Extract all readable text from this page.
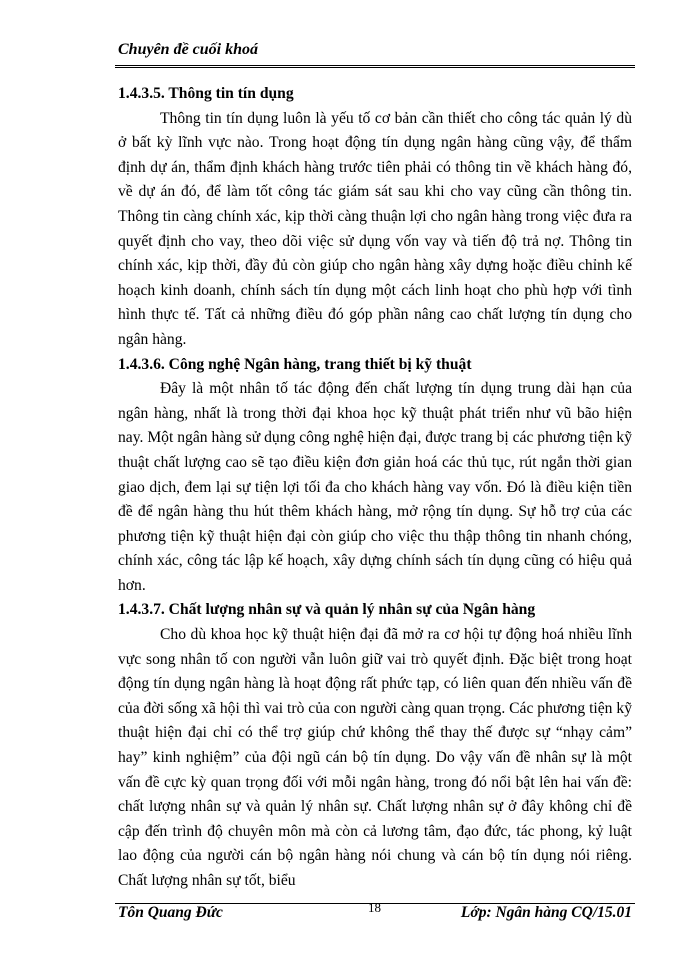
Chuyên đề cuối khoá
1.4.3.5. Thông tin tín dụng

Thông tin tín dụng luôn là yếu tố cơ bản cần thiết cho công tác quản lý dù ở bất kỳ lĩnh vực nào. Trong hoạt động tín dụng ngân hàng cũng vậy, để thẩm định dự án, thẩm định khách hàng trước tiên phải có thông tin về khách hàng đó, về dự án đó, để làm tốt công tác giám sát sau khi cho vay cũng cần thông tin. Thông tin càng chính xác, kịp thời càng thuận lợi cho ngân hàng trong việc đưa ra quyết định cho vay, theo dõi việc sử dụng vốn vay và tiến độ trả nợ. Thông tin chính xác, kịp thời, đầy đủ còn giúp cho ngân hàng xây dựng hoặc điều chỉnh kế hoạch kinh doanh, chính sách tín dụng một cách linh hoạt cho phù hợp với tình hình thực tế. Tất cả những điều đó góp phần nâng cao chất lượng tín dụng cho ngân hàng.

1.4.3.6. Công nghệ Ngân hàng, trang thiết bị kỹ thuật

Đây là một nhân tố tác động đến chất lượng tín dụng trung dài hạn của ngân hàng, nhất là trong thời đại khoa học kỹ thuật phát triển như vũ bão hiện nay. Một ngân hàng sử dụng công nghệ hiện đại, được trang bị các phương tiện kỹ thuật chất lượng cao sẽ tạo điều kiện đơn giản hoá các thủ tục, rút ngắn thời gian giao dịch, đem lại sự tiện lợi tối đa cho khách hàng vay vốn. Đó là điều kiện tiền đề để ngân hàng thu hút thêm khách hàng, mở rộng tín dụng. Sự hỗ trợ của các phương tiện kỹ thuật hiện đại còn giúp cho việc thu thập thông tin nhanh chóng, chính xác, công tác lập kế hoạch, xây dựng chính sách tín dụng cũng có hiệu quả hơn.

1.4.3.7. Chất lượng nhân sự và quản lý nhân sự của Ngân hàng

Cho dù khoa học kỹ thuật hiện đại đã mở ra cơ hội tự động hoá nhiều lĩnh vực song nhân tố con người vẫn luôn giữ vai trò quyết định. Đặc biệt trong hoạt động tín dụng ngân hàng là hoạt động rất phức tạp, có liên quan đến nhiều vấn đề của đời sống xã hội thì vai trò của con người càng quan trọng. Các phương tiện kỹ thuật hiện đại chỉ có thể trợ giúp chứ không thể thay thế được sự “nhạy cảm” hay” kinh nghiệm” của đội ngũ cán bộ tín dụng. Do vậy vấn đề nhân sự là một vấn đề cực kỳ quan trọng đối với mỗi ngân hàng, trong đó nổi bật lên hai vấn đề: chất lượng nhân sự và quản lý nhân sự. Chất lượng nhân sự ở đây không chỉ đề cập đến trình độ chuyên môn mà còn cả lương tâm, đạo đức, tác phong, kỷ luật lao động của người cán bộ ngân hàng nói chung và cán bộ tín dụng nói riêng. Chất lượng nhân sự tốt, biểu

Tôn Quang Đức	18	Lớp: Ngân hàng CQ/15.01
